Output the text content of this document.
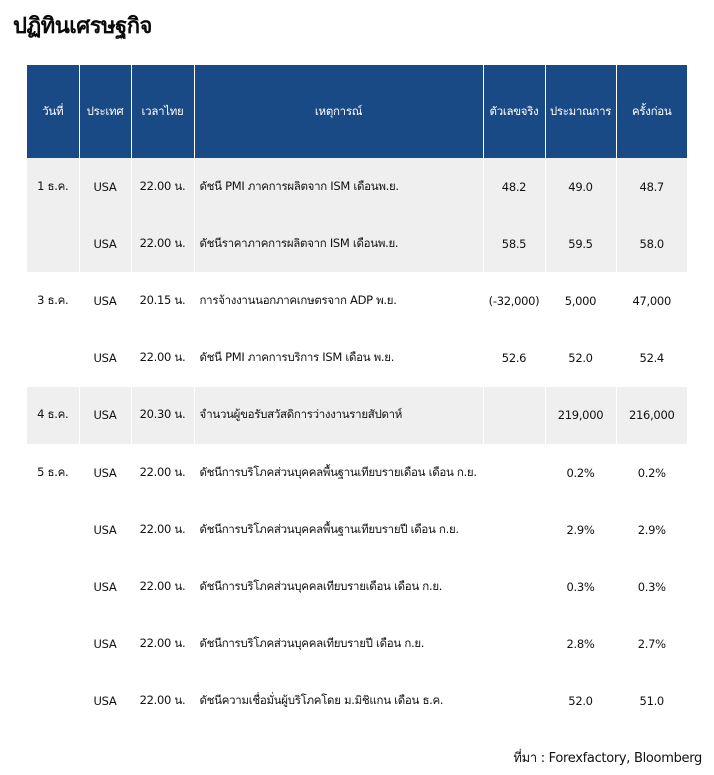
ปฏิทินเศรษฐกิจ
วันที่	ประเทศ	เวลาไทย	เหตุการณ์	ตัวเลขจริง	ประมาณการ	ครั้งก่อน
1 ธ.ค.	USA	22.00 น.	ดัชนี PMI ภาคการผลิตจาก ISM เดือนพ.ย.	48.2	49.0	48.7
	USA	22.00 น.	ดัชนีราคาภาคการผลิตจาก ISM เดือนพ.ย.	58.5	59.5	58.0
3 ธ.ค.	USA	20.15 น.	การจ้างงานนอกภาคเกษตรจาก ADP พ.ย.	(-32,000)	5,000	47,000
	USA	22.00 น.	ดัชนี PMI ภาคการบริการ ISM เดือน พ.ย.	52.6	52.0	52.4
4 ธ.ค.	USA	20.30 น.	จำนวนผู้ขอรับสวัสดิการว่างงานรายสัปดาห์		219,000	216,000
5 ธ.ค.	USA	22.00 น.	ดัชนีการบริโภคส่วนบุคคลพื้นฐานเทียบรายเดือน เดือน ก.ย.		0.2%	0.2%
	USA	22.00 น.	ดัชนีการบริโภคส่วนบุคคลพื้นฐานเทียบรายปี เดือน ก.ย.		2.9%	2.9%
	USA	22.00 น.	ดัชนีการบริโภคส่วนบุคคลเทียบรายเดือน เดือน ก.ย.		0.3%	0.3%
	USA	22.00 น.	ดัชนีการบริโภคส่วนบุคคลเทียบรายปี เดือน ก.ย.		2.8%	2.7%
	USA	22.00 น.	ดัชนีความเชื่อมั่นผู้บริโภคโดย ม.มิชิแกน เดือน ธ.ค.		52.0	51.0
ที่มา : Forexfactory, Bloomberg
